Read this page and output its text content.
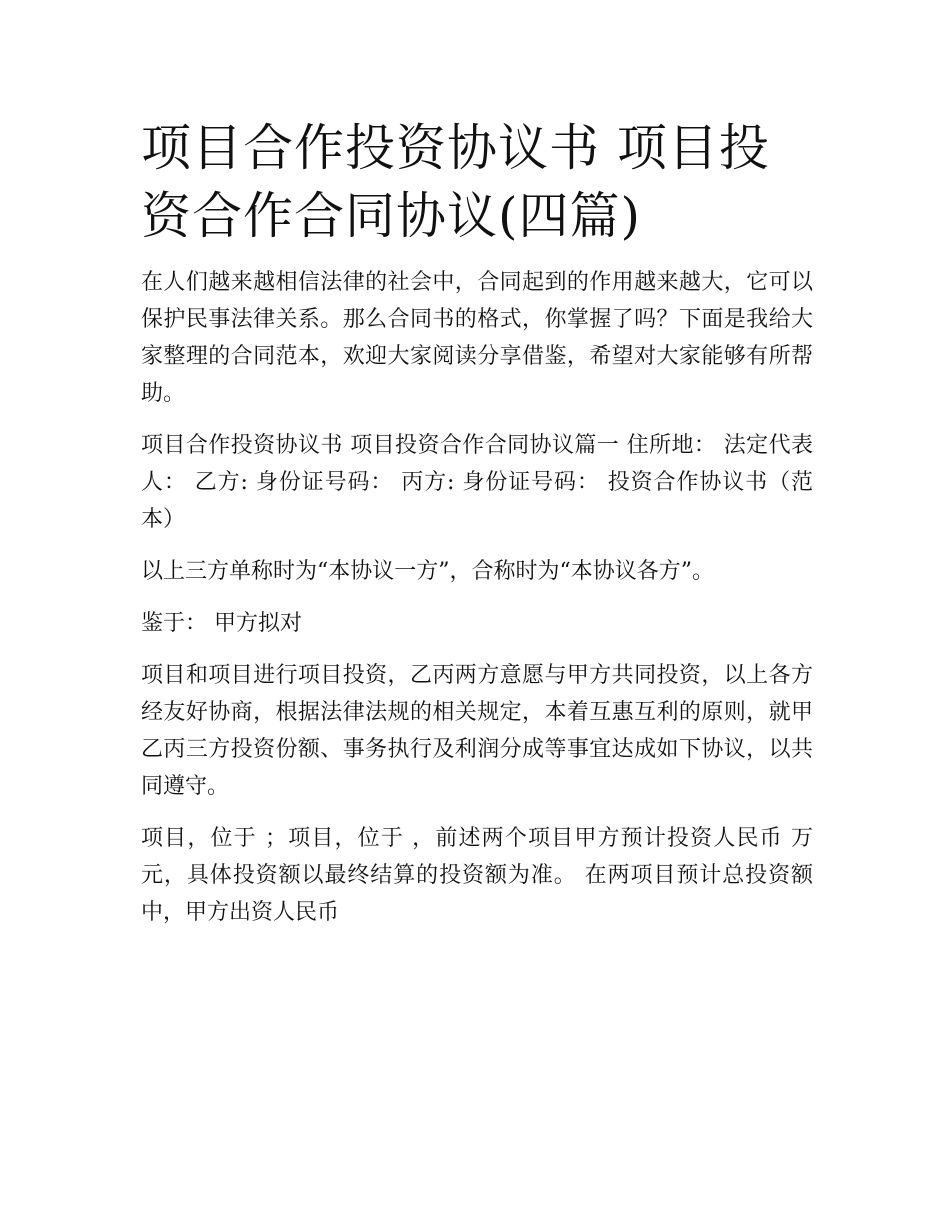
项目合作投资协议书 项目投资合作合同协议(四篇)

在人们越来越相信法律的社会中，合同起到的作用越来越大，它可以保护民事法律关系。那么合同书的格式，你掌握了吗？下面是我给大家整理的合同范本，欢迎大家阅读分享借鉴，希望对大家能够有所帮助。

项目合作投资协议书 项目投资合作合同协议篇一 住所地： 法定代表人： 乙方: 身份证号码： 丙方: 身份证号码： 投资合作协议书（范本）

以上三方单称时为“本协议一方”，合称时为“本协议各方”。

鉴于： 甲方拟对

项目和项目进行项目投资，乙丙两方意愿与甲方共同投资，以上各方经友好协商，根据法律法规的相关规定，本着互惠互利的原则，就甲乙丙三方投资份额、事务执行及利润分成等事宜达成如下协议，以共同遵守。

项目，位于 ；项目，位于 ，前述两个项目甲方预计投资人民币 万元，具体投资额以最终结算的投资额为准。 在两项目预计总投资额中，甲方出资人民币
